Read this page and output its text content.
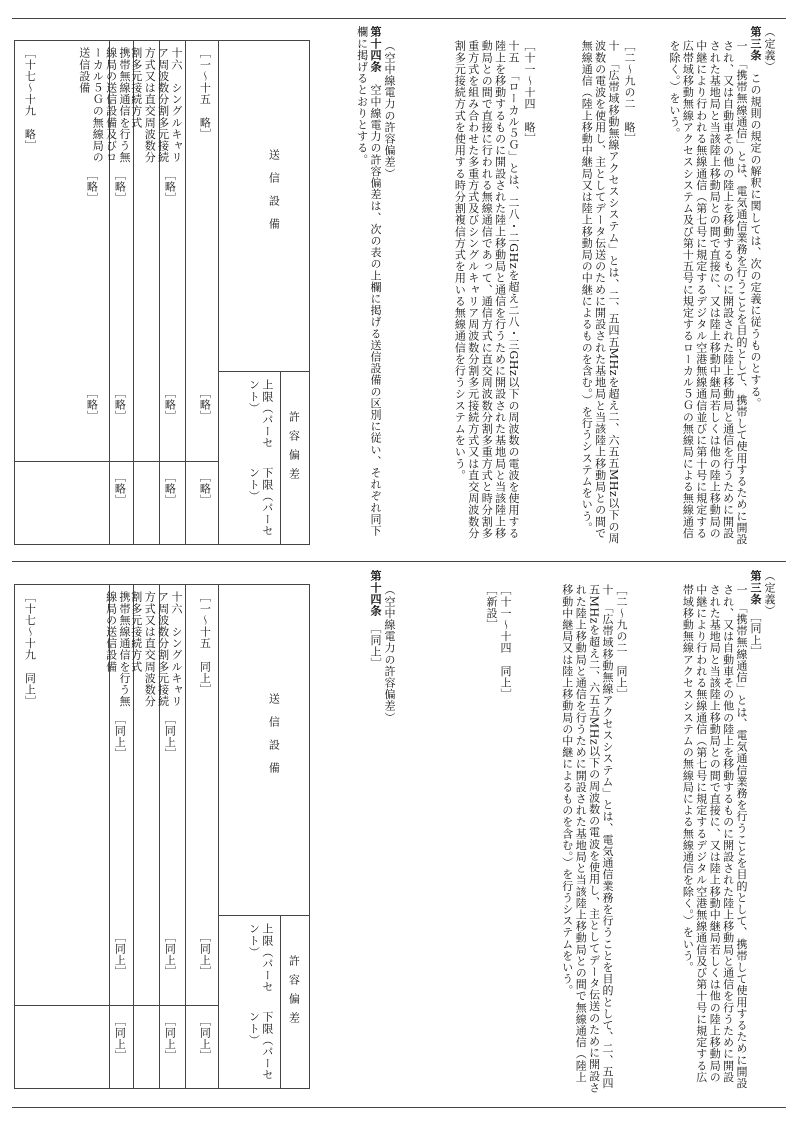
（定義）
第三条　この規則の規定の解釈に関しては、次の定義に従うものとする。
一　「携帯無線通信」とは、電気通信業務を行うことを目的として、携帯して使用するために開設され、又は自動車その他の陸上を移動するものに開設された陸上移動局と通信を行うために開設された基地局と当該陸上移動局との間で直接に、又は陸上移動中継局若しくは他の陸上移動局の中継により行われる無線通信（第七号に規定するデジタル空港無線通信並びに第十号に規定する広帯域移動無線アクセスシステム及び第十五号に規定するローカル５Ｇの無線局による無線通信を除く。）をいう。
［二～九の二　略］
十　「広帯域移動無線アクセスシステム」とは、二、五四五MHzを超え二、六五五MHz以下の周波数の電波を使用し、主としてデータ伝送のために開設された基地局と当該陸上移動局との間で無線通信（陸上移動中継局又は陸上移動局の中継によるものを含む。）を行うシステムをいう。
［十一～十四　略］
十五　「ローカル５Ｇ」とは、二八・二GHzを超え二八・三GHz以下の周波数の電波を使用する陸上を移動するものに開設された陸上移動局と通信を行うために開設された基地局と当該陸上移動局との間で直接に行われる無線通信であって、通信方式に直交周波数分割多重方式と時分割多重方式を組み合わせた多重方式及びシングルキャリア周波数分割多元接続方式又は直交周波数分割多元接続方式を使用する時分割複信方式を用いる無線通信を行うシステムをいう。
（空中線電力の許容偏差）
第十四条　空中線電力の許容偏差は、次の表の上欄に掲げる送信設備の区別に従い、それぞれ同下欄に掲げるとおりとする。
送信設備
許容偏差
上限（パーセント）
下限（パーセント）
［一～十五　略］
［略］
［略］
十六　シングルキャリア周波数分割多元接続方式又は直交周波数分割多元接続方式
［略］
［略］
［略］
携帯無線通信を行う無線局の送信設備及びローカル５Ｇの無線局の送信設備
［略］
［略］
［略］
［略］
［略］
［十七～十九　略］
（定義）
第三条　［同上］
一　「携帯無線通信」とは、電気通信業務を行うことを目的として、携帯して使用するために開設され、又は自動車その他の陸上を移動するものに開設された陸上移動局と通信を行うために開設された基地局と当該陸上移動局との間で直接に、又は陸上移動中継局若しくは他の陸上移動局の中継により行われる無線通信（第七号に規定するデジタル空港無線通信及び第十号に規定する広帯域移動無線アクセスシステムの無線局による無線通信を除く。）をいう。
［二～九の二　同上］
十　「広帯域移動無線アクセスシステム」とは、電気通信業務を行うことを目的として、二、五四五MHzを超え二、六五五MHz以下の周波数の電波を使用し、主としてデータ伝送のために開設された陸上移動局と通信を行うために開設された基地局と当該陸上移動局との間で無線通信（陸上移動中継局又は陸上移動局の中継によるものを含む。）を行うシステムをいう。
［十一～十四　同上］
［新設］
（空中線電力の許容偏差）
第十四条　［同上］
送信設備
許容偏差
上限（パーセント）
下限（パーセント）
［一～十五　同上］
［同上］
［同上］
十六　シングルキャリア周波数分割多元接続方式又は直交周波数分割多元接続方式
［同上］
［同上］
［同上］
携帯無線通信を行う無線局の送信設備
［同上］
［同上］
［同上］
［十七～十九　同上］
